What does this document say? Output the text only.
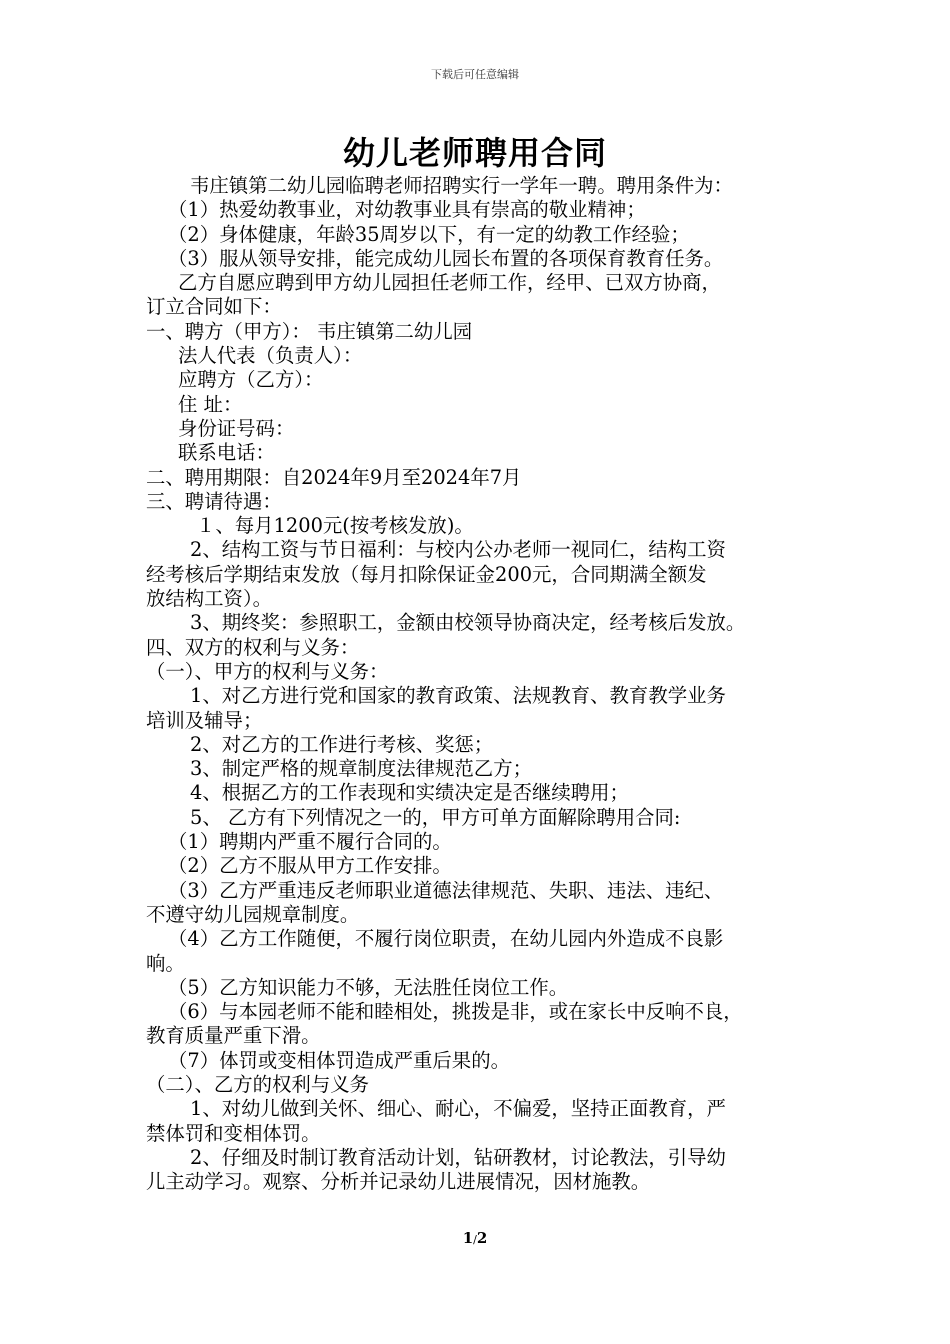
下载后可任意编辑
幼儿老师聘用合同

韦庄镇第二幼儿园临聘老师招聘实行一学年一聘。聘用条件为：

（1）热爱幼教事业，对幼教事业具有崇高的敬业精神；

（2）身体健康，年龄35周岁以下，有一定的幼教工作经验；

（3）服从领导安排，能完成幼儿园长布置的各项保育教育任务。

乙方自愿应聘到甲方幼儿园担任老师工作，经甲、已双方协商，

订立合同如下：

一、聘方（甲方）： 韦庄镇第二幼儿园

法人代表（负责人）：

应聘方（乙方）：

住 址：

身份证号码：

联系电话：

二、聘用期限：自2024年9月至2024年7月

三、聘请待遇：

１、每月1200元(按考核发放)。

2、结构工资与节日福利：与校内公办老师一视同仁，结构工资

经考核后学期结束发放（每月扣除保证金200元，合同期满全额发

放结构工资）。

3、期终奖：参照职工，金额由校领导协商决定，经考核后发放。

四、双方的权利与义务：

（一）、甲方的权利与义务：

1、对乙方进行党和国家的教育政策、法规教育、教育教学业务

培训及辅导；

2、对乙方的工作进行考核、奖惩；

3、制定严格的规章制度法律规范乙方；

4、根据乙方的工作表现和实绩决定是否继续聘用；

5、 乙方有下列情况之一的，甲方可单方面解除聘用合同:

（1）聘期内严重不履行合同的。

（2）乙方不服从甲方工作安排。

（3）乙方严重违反老师职业道德法律规范、失职、违法、违纪、

不遵守幼儿园规章制度。

（4）乙方工作随便，不履行岗位职责，在幼儿园内外造成不良影

响。

（5）乙方知识能力不够，无法胜任岗位工作。

（6）与本园老师不能和睦相处，挑拨是非，或在家长中反响不良，

教育质量严重下滑。

（7）体罚或变相体罚造成严重后果的。

（二）、乙方的权利与义务

1、对幼儿做到关怀、细心、耐心，不偏爱，坚持正面教育，严

禁体罚和变相体罚。

2、仔细及时制订教育活动计划，钻研教材，讨论教法，引导幼

儿主动学习。观察、分析并记录幼儿进展情况，因材施教。

1/2
